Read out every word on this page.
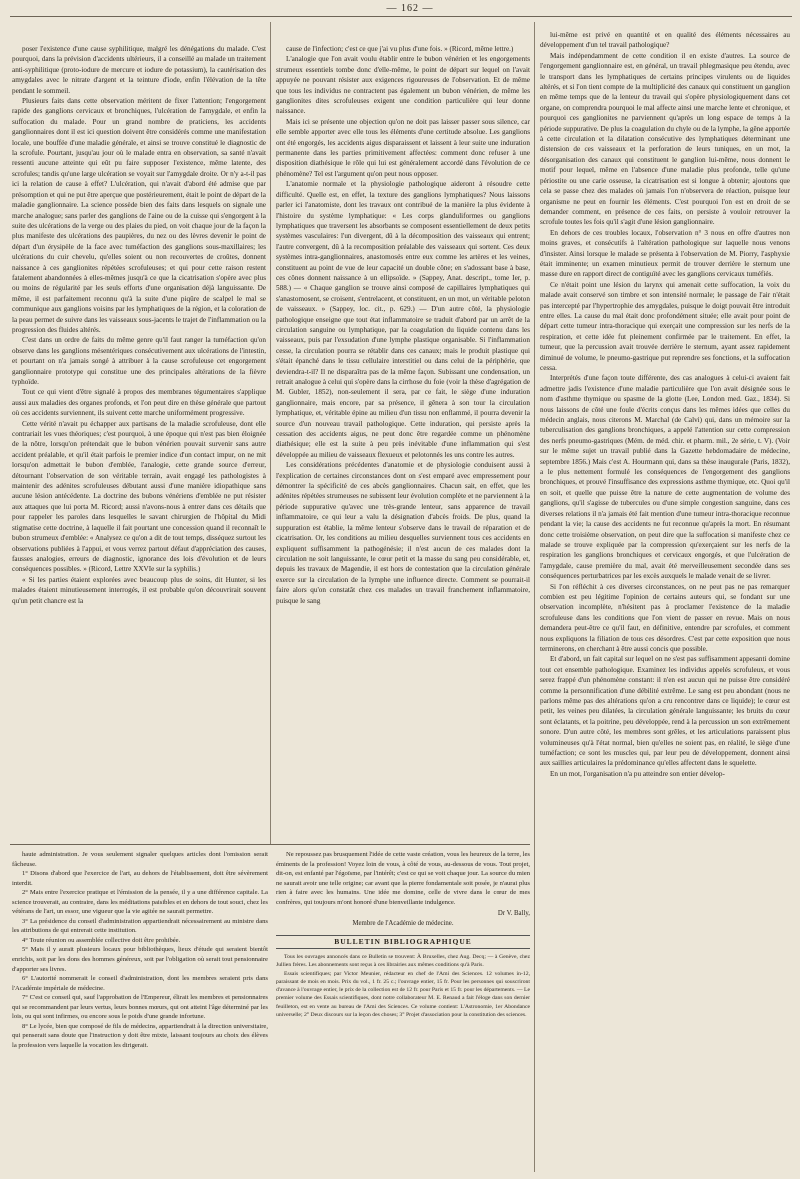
— 162 —

poser l'existence d'une cause syphilitique, malgré les dénégations du malade. C'est pourquoi, dans la prévision d'accidents ultérieurs, il a conseillé au malade un traitement anti-syphilitique (proto-iodure de mercure et iodure de potassium), la cautérisation des amygdales avec le nitrate d'argent et la teinture d'iode, enfin l'élévation de la tête pendant le sommeil.

Plusieurs faits dans cette observation méritent de fixer l'attention; l'engorgement rapide des ganglions cervicaux et bronchiques, l'ulcération de l'amygdale, et enfin la suffocation du malade. Pour un grand nombre de praticiens, les accidents ganglionnaires dont il est ici question doivent être considérés comme une manifestation locale, une bouffée d'une maladie générale, et ainsi se trouve constitué le diagnostic de la scrofule. Pourtant, jusqu'au jour où le malade entra en observation, sa santé n'avait ressenti aucune atteinte qui eût pu faire supposer l'existence, même latente, des scrofules; tandis qu'une large ulcération se voyait sur l'amygdale droite. Or n'y a-t-il pas ici la relation de cause à effet? L'ulcération, qui n'avait d'abord été admise que par présomption et qui ne put être aperçue que postérieurement, était le point de départ de la maladie ganglionnaire. La science possède bien des faits dans lesquels on signale une marche analogue; sans parler des ganglions de l'aine ou de la cuisse qui s'engorgent à la suite des ulcérations de la verge ou des plaies du pied, on voit chaque jour de la façon la plus manifeste des ulcérations des paupières, du nez ou des lèvres devenir le point de départ d'un érysipèle de la face avec tuméfaction des ganglions sous-maxillaires; les ulcérations du cuir chevelu, qu'elles soient ou non recouvertes de croûtes, donnent naissance à ces ganglionites répétées scrofuleuses; et qui pour cette raison restent fatalement abandonnées à elles-mêmes jusqu'à ce que la cicatrisation s'opère avec plus ou moins de régularité par les seuls efforts d'une organisation déjà languissante. De même, il est parfaitement reconnu qu'à la suite d'une piqûre de scalpel le mal se communique aux ganglions voisins par les lymphatiques de la région, et la coloration de la peau permet de suivre dans les vaisseaux sous-jacents le trajet de l'inflammation ou la progression des fluides altérés.

C'est dans un ordre de faits du même genre qu'il faut ranger la tuméfaction qu'on observe dans les ganglions mésentériques consécutivement aux ulcérations de l'intestin, et pourtant on n'a jamais songé à attribuer à la cause scrofuleuse cet engorgement ganglionnaire prototype qui constitue une des principales altérations de la fièvre typhoïde.

Tout ce qui vient d'être signalé à propos des membranes tégumentaires s'applique aussi aux maladies des organes profonds, et l'on peut dire en thèse générale que partout où ces accidents surviennent, ils suivent cette marche uniformément progressive.

Cette vérité n'avait pu échapper aux partisans de la maladie scrofuleuse, dont elle contrariait les vues théoriques; c'est pourquoi, à une époque qui n'est pas bien éloignée de la nôtre, lorsqu'on prétendait que le bubon vénérien pouvait survenir sans autre accident préalable, et qu'il était parfois le premier indice d'un contact impur, on ne mit lorsqu'on admettait le bubon d'emblée, l'analogie, cette grande source d'erreur, détournant l'observation de son véritable terrain, avait engagé les pathologistes à maintenir des adénites scrofuleuses débutant aussi d'une manière idiopathique sans aucune lésion antécédente. La doctrine des bubons vénériens d'emblée ne put résister aux attaques que lui porta M. Ricord; aussi n'avons-nous à entrer dans ces détails que pour rappeler les paroles dans lesquelles le savant chirurgien de l'hôpital du Midi stigmatise cette doctrine, à laquelle il fait pourtant une concession quand il reconnaît le bubon strumeux d'emblée: « Analysez ce qu'on a dit de tout temps, disséquez surtout les observations publiées à l'appui, et vous verrez partout défaut d'appréciation des causes, fausses analogies, erreurs de diagnostic, ignorance des lois d'évolution et de leurs conséquences possibles. » (Ricord, Lettre XXVIe sur la syphilis.)

« Si les parties étaient explorées avec beaucoup plus de soins, dit Hunter, si les malades étaient minutieusement interrogés, il est probable qu'on découvrirait souvent qu'un petit chancre est la

cause de l'infection; c'est ce que j'ai vu plus d'une fois. » (Ricord, même lettre.)

L'analogie que l'on avait voulu établir entre le bubon vénérien et les engorgements strumeux essentiels tombe donc d'elle-même, le point de départ sur lequel on l'avait appuyée ne pouvant résister aux exigences rigoureuses de l'observation. Et de même que tous les individus ne contractent pas également un bubon vénérien, de même les ganglionites dites scrofuleuses exigent une condition particulière qui leur donne naissance.

Mais ici se présente une objection qu'on ne doit pas laisser passer sous silence, car elle semble apporter avec elle tous les éléments d'une certitude absolue. Les ganglions ont été engorgés, les accidents aigus disparaissent et laissent à leur suite une induration permanente dans les parties primitivement affectées: comment donc refuser à une disposition diathésique le rôle qui lui est généralement accordé dans l'évolution de ce phénomène? Tel est l'argument qu'on peut nous opposer.

L'anatomie normale et la physiologie pathologique aideront à résoudre cette difficulté. Quelle est, en effet, la texture des ganglions lymphatiques? Nous laissons parler ici l'anatomiste, dont les travaux ont contribué de la manière la plus évidente à l'histoire du système lymphatique: « Les corps glanduliformes ou ganglions lymphatiques que traversent les absorbants se composent essentiellement de deux petits systèmes vasculaires: l'un divergent, dû à la décomposition des vaisseaux qui entrent; l'autre convergent, dû à la recomposition préalable des vaisseaux qui sortent. Ces deux systèmes intra-ganglionnaires, anastomosés entre eux comme les artères et les veines, constituent au point de vue de leur capacité un double cône; en s'adossant base à base, ces cônes donnent naissance à un ellipsoïde. » (Sappey, Anat. descript., tome Ier, p. 588.) — « Chaque ganglion se trouve ainsi composé de capillaires lymphatiques qui s'anastomosent, se croisent, s'entrelacent, et constituent, en un mot, un véritable peloton de vaisseaux. » (Sappey, loc. cit., p. 629.) — D'un autre côté, la physiologie pathologique enseigne que tout état inflammatoire se traduit d'abord par un arrêt de la circulation sanguine ou lymphatique, par la coagulation du liquide contenu dans les vaisseaux, puis par l'exsudation d'une lymphe plastique organisable. Si l'inflammation cesse, la circulation pourra se rétablir dans ces canaux; mais le produit plastique qui s'était épanché dans le tissu cellulaire interstitiel ou dans celui de la périphérie, que deviendra-t-il? Il ne disparaîtra pas de la même façon. Subissant une condensation, un retrait analogue à celui qui s'opère dans la cirrhose du foie (voir la thèse d'agrégation de M. Gubler, 1852), non-seulement il sera, par ce fait, le siège d'une induration ganglionnaire, mais encore, par sa présence, il gênera à son tour la circulation lymphatique, et, véritable épine au milieu d'un tissu non enflammé, il pourra devenir la source d'un nouveau travail pathologique. Cette induration, qui persiste après la cessation des accidents aigus, ne peut donc être regardée comme un phénomène diathésique; elle est la suite à peu près inévitable d'une inflammation qui s'est développée au milieu de vaisseaux flexueux et pelotonnés les uns contre les autres.

Les considérations précédentes d'anatomie et de physiologie conduisent aussi à l'explication de certaines circonstances dont on s'est emparé avec empressement pour démontrer la spécificité de ces abcès ganglionnaires. Chacun sait, en effet, que les adénites répétées strumeuses ne subissent leur évolution complète et ne parviennent à la période suppurative qu'avec une très-grande lenteur, sans apparence de travail inflammatoire, ce qui leur a valu la désignation d'abcès froids. De plus, quand la suppuration est établie, la même lenteur s'observe dans le travail de réparation et de cicatrisation. Or, les conditions au milieu desquelles surviennent tous ces accidents en expliquent suffisamment la pathogénésie; il n'est aucun de ces malades dont la circulation ne soit languissante, le cœur petit et la masse du sang peu considérable, et, depuis les travaux de Magendie, il est hors de contestation que la circulation générale exerce sur la circulation de la lymphe une influence directe. Comment se pourrait-il faire alors qu'on constatât chez ces malades un travail franchement inflammatoire, puisque le sang

lui-même est privé en quantité et en qualité des éléments nécessaires au développement d'un tel travail pathologique?

Mais indépendamment de cette condition il en existe d'autres. La source de l'engorgement ganglionnaire est, en général, un travail phlegmasique peu étendu, avec le transport dans les lymphatiques de certains principes virulents ou de liquides altérés, et si l'on tient compte de la multiplicité des canaux qui constituent un ganglion en même temps que de la lenteur du travail qui s'opère physiologiquement dans cet organe, on comprendra pourquoi le mal affecte ainsi une marche lente et chronique, et pourquoi ces ganglionites ne parviennent qu'après un long espace de temps à la période suppurative. De plus la coagulation du chyle ou de la lymphe, la gêne apportée à cette circulation et la dilatation consécutive des lymphatiques déterminant une distension de ces vaisseaux et la perforation de leurs tuniques, en un mot, la désorganisation des canaux qui constituent le ganglion lui-même, nous donnent le motif pour lequel, même en l'absence d'une maladie plus profonde, telle qu'une périostite ou une carie osseuse, la cicatrisation est si longue à obtenir; ajoutons que cela se passe chez des malades où jamais l'on n'observera de réaction, puisque leur organisme ne peut en fournir les éléments. C'est pourquoi l'on est en droit de se demander comment, en présence de ces faits, on persiste à vouloir retrouver la scrofule toutes les fois qu'il s'agit d'une lésion ganglionnaire.

En dehors de ces troubles locaux, l'observation n° 3 nous en offre d'autres non moins graves, et consécutifs à l'altération pathologique sur laquelle nous venons d'insister. Ainsi lorsque le malade se présenta à l'observation de M. Piorry, l'asphyxie était imminente; un examen minutieux permit de trouver derrière le sternum une masse dure en rapport direct de contiguïté avec les ganglions cervicaux tuméfiés.

Ce n'était point une lésion du larynx qui amenait cette suffocation, la voix du malade avait conservé son timbre et son intensité normale; le passage de l'air n'était pas intercepté par l'hypertrophie des amygdales, puisque le doigt pouvait être introduit entre elles. La cause du mal était donc profondément située; elle avait pour point de départ cette tumeur intra-thoracique qui exerçait une compression sur les nerfs de la respiration, et cette idée fut pleinement confirmée par le traitement. En effet, la tumeur, que la percussion avait trouvée derrière le sternum, ayant assez rapidement diminué de volume, le pneumo-gastrique put reprendre ses fonctions, et la suffocation cessa.

Interprétés d'une façon toute différente, des cas analogues à celui-ci avaient fait admettre jadis l'existence d'une maladie particulière que l'on avait désignée sous le nom d'asthme thymique ou spasme de la glotte (Lee, London med. Gaz., 1834). Si nous laissons de côté une foule d'écrits conçus dans les mêmes idées que celles du médecin anglais, nous citerons M. Marchal (de Calvi) qui, dans un mémoire sur la tuberculisation des ganglions bronchiques, a appelé l'attention sur cette compression des nerfs pneumo-gastriques (Mém. de méd. chir. et pharm. mil., 2e série, t. V). (Voir sur le même sujet un travail publié dans la Gazette hebdomadaire de médecine, septembre 1856.) Mais c'est A. Hourmann qui, dans sa thèse inaugurale (Paris, 1832), a le plus nettement formulé les conséquences de l'engorgement des ganglions bronchiques, et prouvé l'insuffisance des expressions asthme thymique, etc. Quoi qu'il en soit, et quelle que puisse être la nature de cette augmentation de volume des ganglions, qu'il s'agisse de tubercules ou d'une simple congestion sanguine, dans ces diverses relations il n'a jamais été fait mention d'une tumeur intra-thoracique reconnue pendant la vie; la cause des accidents ne fut reconnue qu'après la mort. En résumant donc cette troisième observation, on peut dire que la suffocation si manifeste chez ce malade se trouve expliquée par la compression qu'exerçaient sur les nerfs de la respiration les ganglions bronchiques et cervicaux engorgés, et que l'ulcération de l'amygdale, cause première du mal, avait été merveilleusement secondée dans ses conséquences perturbatrices par les excès auxquels le malade venait de se livrer.

Si l'on réfléchit à ces diverses circonstances, on ne peut pas ne pas remarquer combien est peu légitime l'opinion de certains auteurs qui, se fondant sur une observation incomplète, n'hésitent pas à proclamer l'existence de la maladie scrofuleuse dans les conditions que l'on vient de passer en revue. Mais on nous demandera peut-être ce qu'il faut, en définitive, entendre par scrofules, et comment nous expliquons la filiation de tous ces désordres. C'est par cette exposition que nous terminerons, en cherchant à être aussi concis que possible.

Et d'abord, un fait capital sur lequel on ne s'est pas suffisamment appesanti domine tout cet ensemble pathologique. Examinez les individus appelés scrofuleux, et vous serez frappé d'un phénomène constant: il n'en est aucun qui ne puisse être considéré comme la personnification d'une débilité extrême. Le sang est peu abondant (nous ne parlons même pas des altérations qu'on a cru rencontrer dans ce liquide); le cœur est petit, les veines peu dilatées, la circulation générale languissante; les bruits du cœur sont éclatants, et la poitrine, peu développée, rend à la percussion un son extrêmement sonore. D'un autre côté, les membres sont grêles, et les articulations paraissent plus volumineuses qu'à l'état normal, bien qu'elles ne soient pas, en réalité, le siège d'une tuméfaction; ce sont les muscles qui, par leur peu de développement, donnent ainsi aux saillies articulaires la prédominance qu'elles affectent dans le squelette.

En un mot, l'organisation n'a pu atteindre son entier dévelop-

haute administration. Je vous seulement signaler quelques articles dont l'omission serait fâcheuse.

1° Disons d'abord que l'exercice de l'art, au dehors de l'établissement, doit être sévèrement interdit.

2° Mais entre l'exercice pratique et l'émission de la pensée, il y a une différence capitale. La science trouverait, au contraire, dans les méditations paisibles et en dehors de tout souci, chez les vétérans de l'art, un essor, une vigueur que la vie agitée ne saurait permettre.

3° La présidence du conseil d'administration appartiendrait nécessairement au ministre dans les attributions de qui entrerait cette institution.

4° Toute réunion ou assemblée collective doit être prohibée.

5° Mais il y aurait plusieurs locaux pour bibliothèques, lieux d'étude qui seraient bientôt enrichis, soit par les dons des hommes généreux, soit par l'obligation où serait tout pensionnaire d'apporter ses livres.

6° L'autorité nommerait le conseil d'administration, dont les membres seraient pris dans l'Académie impériale de médecine.

7° C'est ce conseil qui, sauf l'approbation de l'Empereur, élirait les membres et pensionnaires qui se recommandent par leurs vertus, leurs bonnes mœurs, qui ont atteint l'âge déterminé par les lois, ou qui sont infirmes, ou encore sous le poids d'une grande infortune.

8° Le lycée, bien que composé de fils de médecins, appartiendrait à la direction universitaire, qui penserait sans doute que l'instruction y doit être mixte, laissant toujours au choix des élèves la profession vers laquelle la vocation les dirigerait.

Ne repoussez pas brusquement l'idée de cette vaste création, vous les heureux de la terre, les éminents de la profession! Voyez loin de vous, à côté de vous, au-dessous de vous. Tout projet, dit-on, est enfanté par l'égoïsme, par l'intérêt; c'est ce qui se voit chaque jour. La source du mien ne saurait avoir une telle origine; car avant que la pierre fondamentale soit posée, je n'aurai plus rien à faire avec les humains. Une idée me domine, celle de vivre dans le cœur de mes confrères, qui toujours m'ont honoré d'une bienveillante indulgence.

Dr V. Bally,
Membre de l'Académie de médecine.
BULLETIN BIBLIOGRAPHIQUE

Tous les ouvrages annoncés dans ce Bulletin se trouvent: À Bruxelles, chez Aug. Decq; — à Genève, chez Jullien frères. Les abonnements sont reçus à ces librairies aux mêmes conditions qu'à Paris.

Essais scientifiques; par Victor Meunier, rédacteur en chef de l'Ami des Sciences. 12 volumes in-12, paraissant de mois en mois. Prix du vol., 1 fr. 25 c.; l'ouvrage entier, 15 fr. Pour les personnes qui souscriront d'avance à l'ouvrage entier, le prix de la collection est de 12 fr. pour Paris et 15 fr. pour les départements. — Le premier volume des Essais scientifiques, dont notre collaborateur M. E. Renaud a fait l'éloge dans son dernier feuilleton, est en vente au bureau de l'Ami des Sciences. Ce volume contient: L'Astronomie, 1er Abondance universelle; 2° Deux discours sur la leçon des choses; 3° Projet d'association pour la constitution des sciences.
